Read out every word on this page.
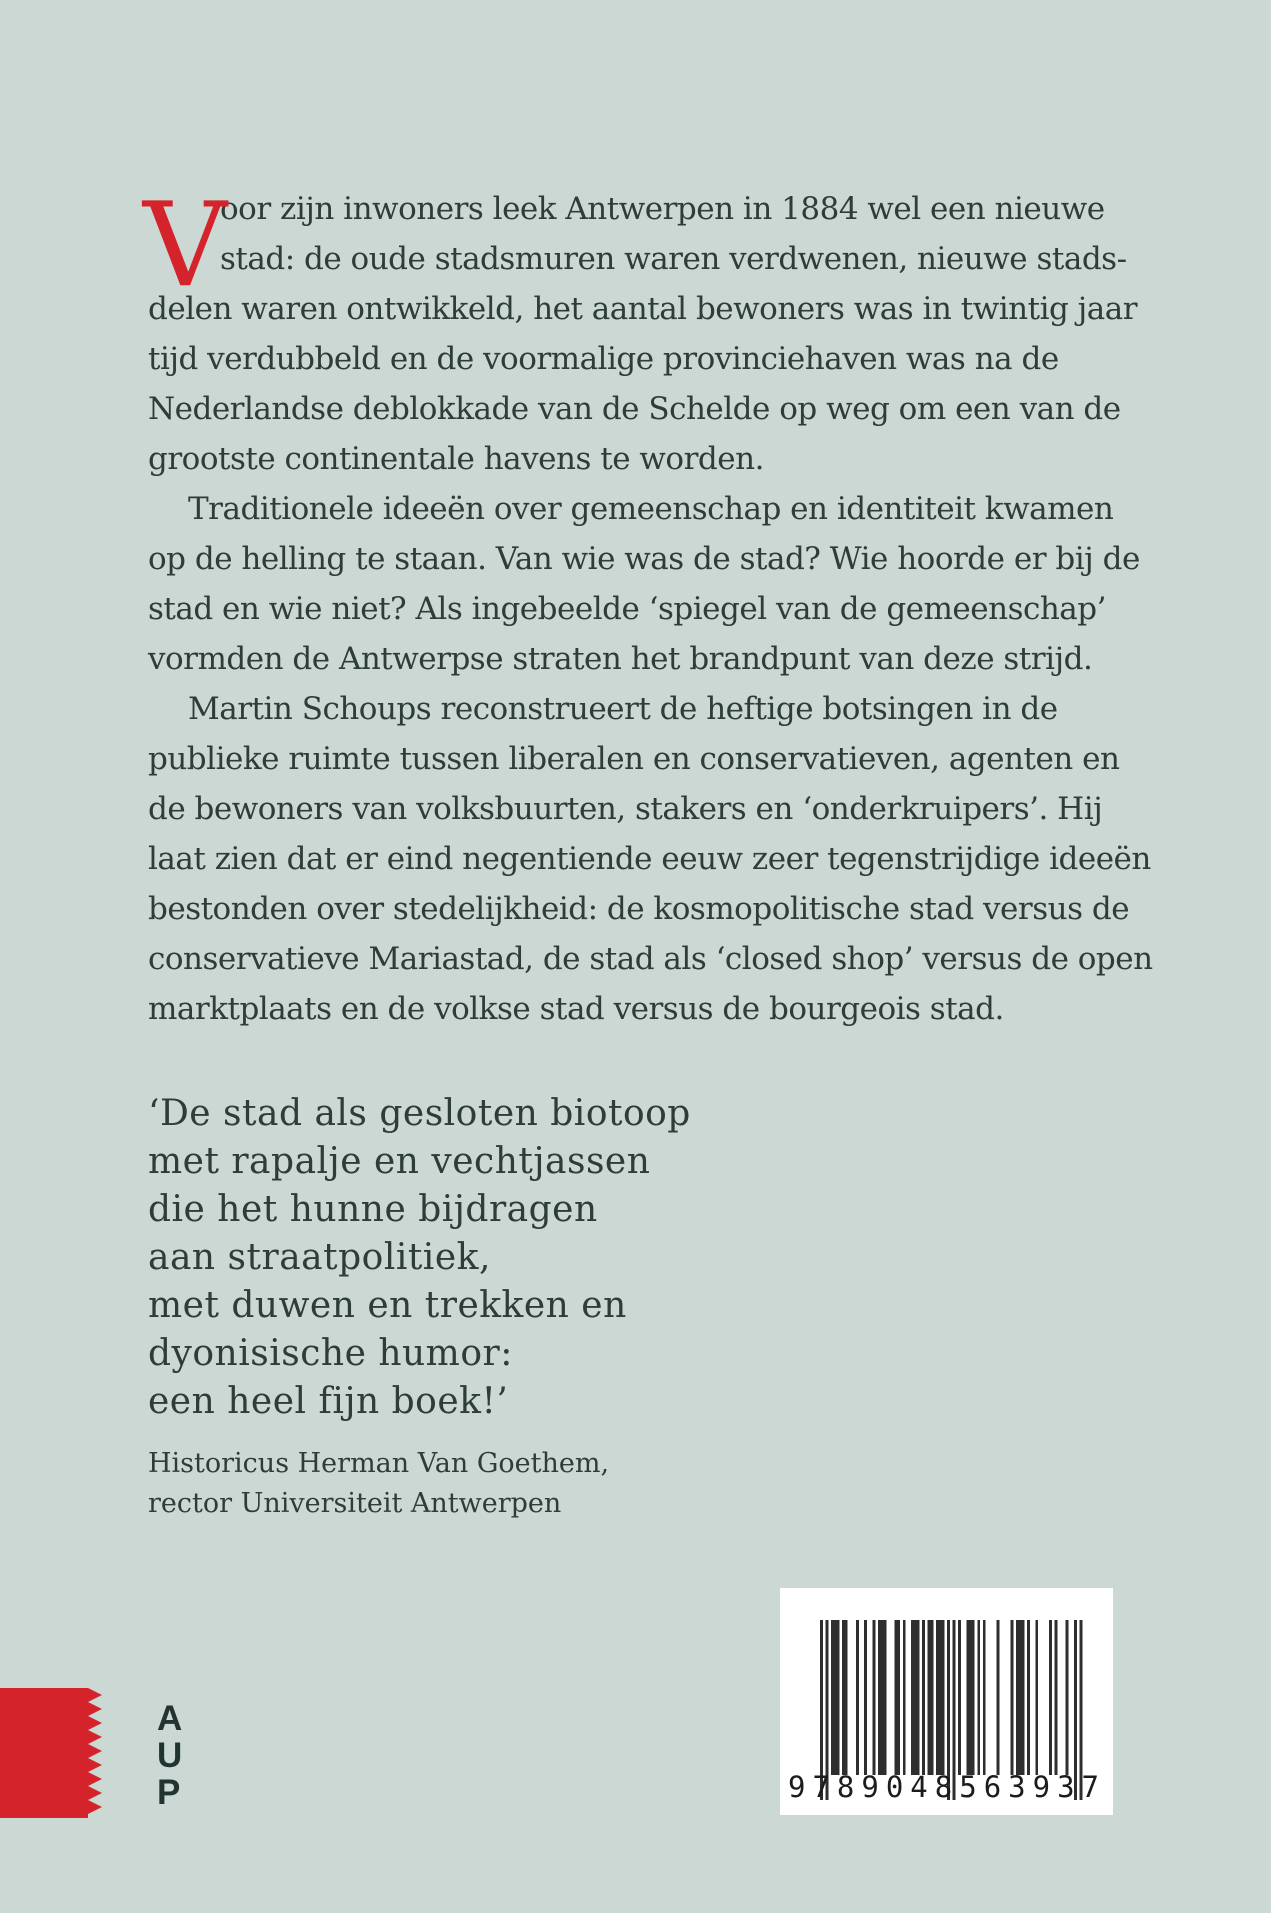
V
oor zijn inwoners leek Antwerpen in 1884 wel een nieuwe
stad: de oude stadsmuren waren verdwenen, nieuwe stads-
delen waren ontwikkeld, het aantal bewoners was in twintig jaar
tijd verdubbeld en de voormalige provinciehaven was na de
Nederlandse deblokkade van de Schelde op weg om een van de
grootste continentale havens te worden.
Traditionele ideeën over gemeenschap en identiteit kwamen
op de helling te staan. Van wie was de stad? Wie hoorde er bij de
stad en wie niet? Als ingebeelde ‘spiegel van de gemeenschap’
vormden de Antwerpse straten het brandpunt van deze strijd.
Martin Schoups reconstrueert de heftige botsingen in de
publieke ruimte tussen liberalen en conservatieven, agenten en
de bewoners van volksbuurten, stakers en ‘onderkruipers’. Hij
laat zien dat er eind negentiende eeuw zeer tegenstrijdige ideeën
bestonden over stedelijkheid: de kosmopolitische stad versus de
conservatieve Mariastad, de stad als ‘closed shop’ versus de open
marktplaats en de volkse stad versus de bourgeois stad.
‘De stad als gesloten biotoop
met rapalje en vechtjassen
die het hunne bijdragen
aan straatpolitiek,
met duwen en trekken en
dyonisische humor:
een heel fijn boek!’
Historicus Herman Van Goethem,
rector Universiteit Antwerpen
A
U
P	9 789048 563937
